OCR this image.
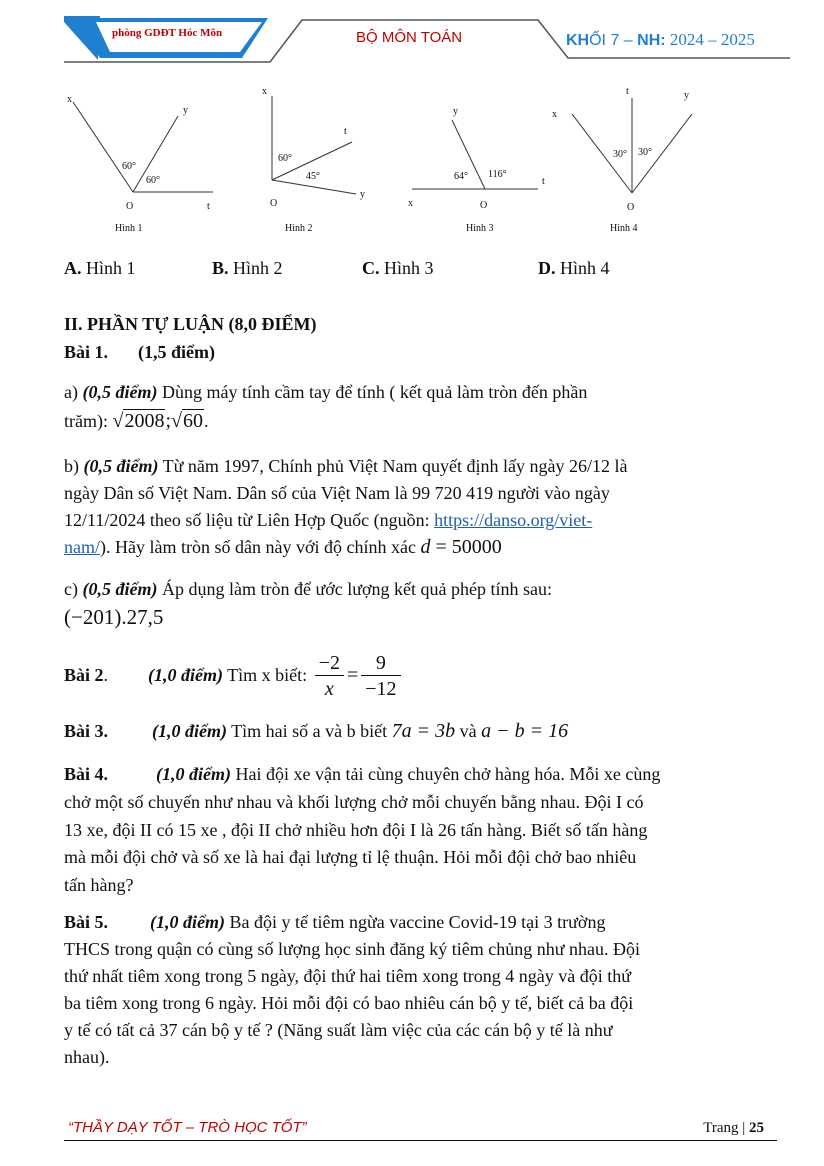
phòng GDĐT Hóc Môn	BỘ MÔN TOÁN	KHỐI 7 – NH: 2024 – 2025
x
y
60°
60°
O	t
Hình 1
x
t
60°
45°
O
y
Hình 2
y
64° 116°
t
x	O
Hình 3
x
t	y
30° 30°
O
Hình 4
A. Hình 1	B. Hình 2	C. Hình 3	D. Hình 4
II. PHẦN TỰ LUẬN (8,0 ĐIỂM)
Bài 1. (1,5 điểm)
a) (0,5 điểm) Dùng máy tính cầm tay để tính ( kết quả làm tròn đến phần
trăm): √2008;√60.
b) (0,5 điểm) Từ năm 1997, Chính phủ Việt Nam quyết định lấy ngày 26/12 là
ngày Dân số Việt Nam. Dân số của Việt Nam là 99 720 419 người vào ngày
12/11/2024 theo số liệu từ Liên Hợp Quốc (nguồn: https://danso.org/viet-
nam/). Hãy làm tròn số dân này với độ chính xác d = 50000
c) (0,5 điểm) Áp dụng làm tròn để ước lượng kết quả phép tính sau:
(−201).27,5
Bài 2. (1,0 điểm) Tìm x biết: $\frac{-2}{x} = \frac{9}{-12}$
Bài 3. (1,0 điểm) Tìm hai số a và b biết 7a = 3b và a − b = 16
Bài 4.	(1,0 điểm) Hai đội xe vận tải cùng chuyên chở hàng hóa. Mỗi xe cùng
chở một số chuyến như nhau và khối lượng chở mỗi chuyến bằng nhau. Đội I có
13 xe, đội II có 15 xe , đội II chở nhiều hơn đội I là 26 tấn hàng. Biết số tấn hàng
mà mỗi đội chở và số xe là hai đại lượng tỉ lệ thuận. Hỏi mỗi đội chở bao nhiêu
tấn hàng?
Bài 5. (1,0 điểm) Ba đội y tế tiêm ngừa vaccine Covid-19 tại 3 trường
THCS trong quận có cùng số lượng học sinh đăng ký tiêm chủng như nhau. Đội
thứ nhất tiêm xong trong 5 ngày, đội thứ hai tiêm xong trong 4 ngày và đội thứ
ba tiêm xong trong 6 ngày. Hỏi mỗi đội có bao nhiêu cán bộ y tế, biết cả ba đội
y tế có tất cả 37 cán bộ y tế ? (Năng suất làm việc của các cán bộ y tế là như
nhau).
“THẦY DẠY TỐT – TRÒ HỌC TỐT”	Trang | 25
